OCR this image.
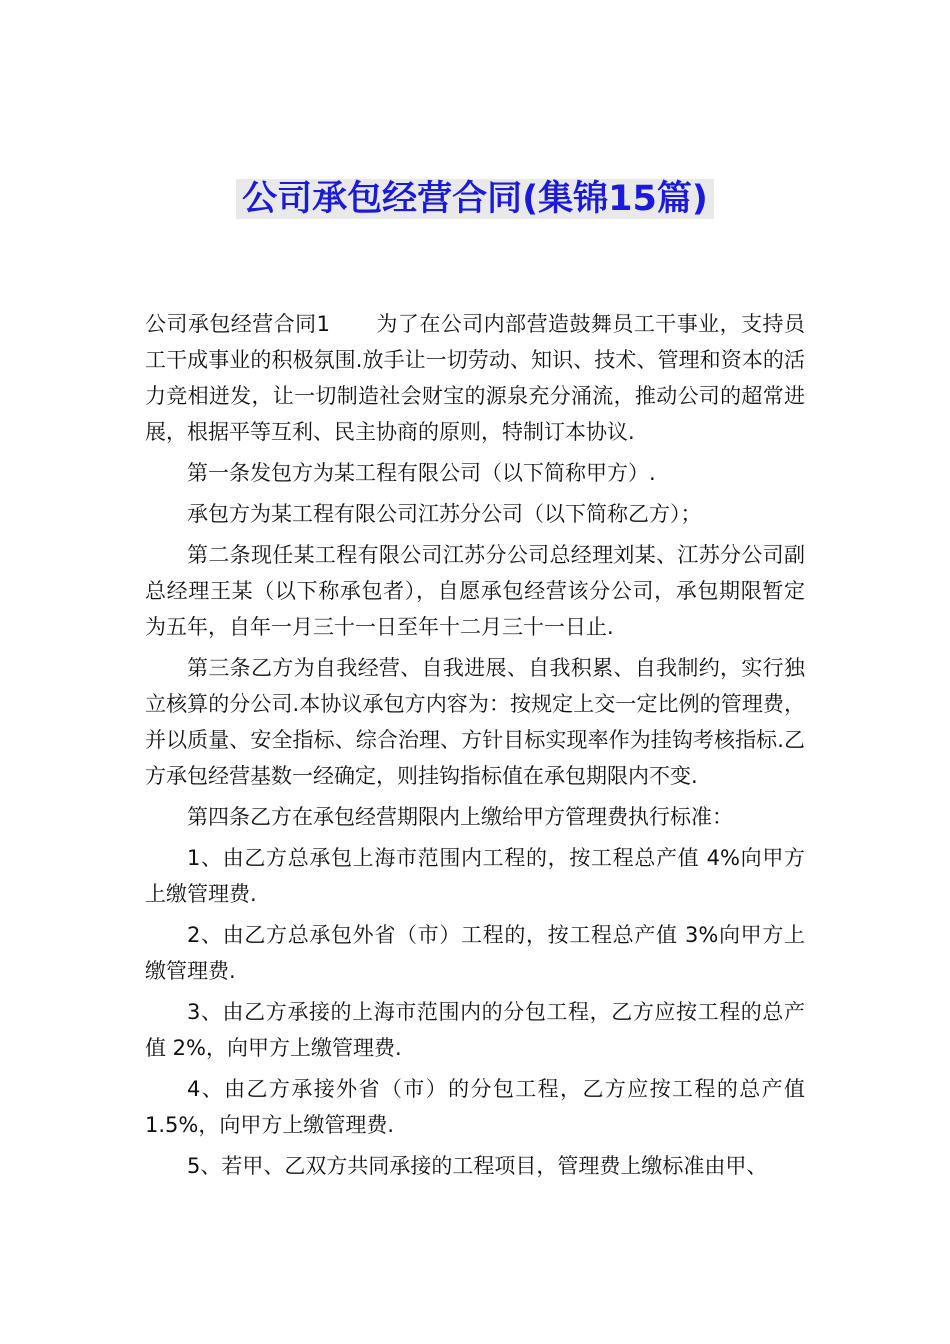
公司承包经营合同(集锦15篇)

公司承包经营合同1 为了在公司内部营造鼓舞员工干事业，支持员工干成事业的积极氛围.放手让一切劳动、知识、技术、管理和资本的活力竞相迸发，让一切制造社会财宝的源泉充分涌流，推动公司的超常进展，根据平等互利、民主协商的原则，特制订本协议.

第一条发包方为某工程有限公司（以下简称甲方）.

承包方为某工程有限公司江苏分公司（以下简称乙方）；

第二条现任某工程有限公司江苏分公司总经理刘某、江苏分公司副总经理王某（以下称承包者），自愿承包经营该分公司，承包期限暂定为五年，自年一月三十一日至年十二月三十一日止.

第三条乙方为自我经营、自我进展、自我积累、自我制约，实行独立核算的分公司.本协议承包方内容为：按规定上交一定比例的管理费，并以质量、安全指标、综合治理、方针目标实现率作为挂钩考核指标.乙方承包经营基数一经确定，则挂钩指标值在承包期限内不变.

第四条乙方在承包经营期限内上缴给甲方管理费执行标准：

1、由乙方总承包上海市范围内工程的，按工程总产值 4%向甲方上缴管理费.

2、由乙方总承包外省（市）工程的，按工程总产值 3%向甲方上缴管理费.

3、由乙方承接的上海市范围内的分包工程，乙方应按工程的总产值 2%，向甲方上缴管理费.

4、由乙方承接外省（市）的分包工程，乙方应按工程的总产值1.5%，向甲方上缴管理费.

5、若甲、乙双方共同承接的工程项目，管理费上缴标准由甲、
